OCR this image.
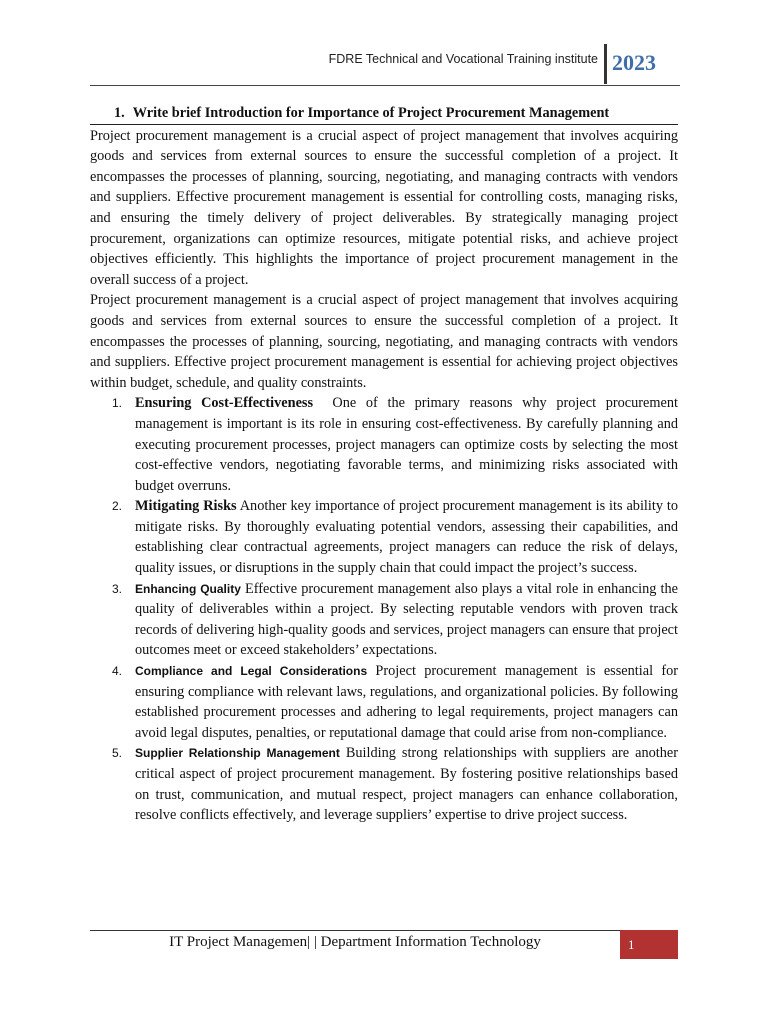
FDRE Technical and Vocational Training institute 2023
1. Write brief Introduction for Importance of Project Procurement Management

Project procurement management is a crucial aspect of project management that involves acquiring goods and services from external sources to ensure the successful completion of a project. It encompasses the processes of planning, sourcing, negotiating, and managing contracts with vendors and suppliers. Effective procurement management is essential for controlling costs, managing risks, and ensuring the timely delivery of project deliverables. By strategically managing project procurement, organizations can optimize resources, mitigate potential risks, and achieve project objectives efficiently. This highlights the importance of project procurement management in the overall success of a project.

Project procurement management is a crucial aspect of project management that involves acquiring goods and services from external sources to ensure the successful completion of a project. It encompasses the processes of planning, sourcing, negotiating, and managing contracts with vendors and suppliers. Effective project procurement management is essential for achieving project objectives within budget, schedule, and quality constraints.

1. Ensuring Cost-Effectiveness One of the primary reasons why project procurement management is important is its role in ensuring cost-effectiveness. By carefully planning and executing procurement processes, project managers can optimize costs by selecting the most cost-effective vendors, negotiating favorable terms, and minimizing risks associated with budget overruns.
2. Mitigating Risks Another key importance of project procurement management is its ability to mitigate risks. By thoroughly evaluating potential vendors, assessing their capabilities, and establishing clear contractual agreements, project managers can reduce the risk of delays, quality issues, or disruptions in the supply chain that could impact the project’s success.
3. Enhancing Quality Effective procurement management also plays a vital role in enhancing the quality of deliverables within a project. By selecting reputable vendors with proven track records of delivering high-quality goods and services, project managers can ensure that project outcomes meet or exceed stakeholders’ expectations.
4. Compliance and Legal Considerations Project procurement management is essential for ensuring compliance with relevant laws, regulations, and organizational policies. By following established procurement processes and adhering to legal requirements, project managers can avoid legal disputes, penalties, or reputational damage that could arise from non-compliance.
5. Supplier Relationship Management Building strong relationships with suppliers are another critical aspect of project procurement management. By fostering positive relationships based on trust, communication, and mutual respect, project managers can enhance collaboration, resolve conflicts effectively, and leverage suppliers’ expertise to drive project success.
IT Project Managemen| | Department Information Technology	1
